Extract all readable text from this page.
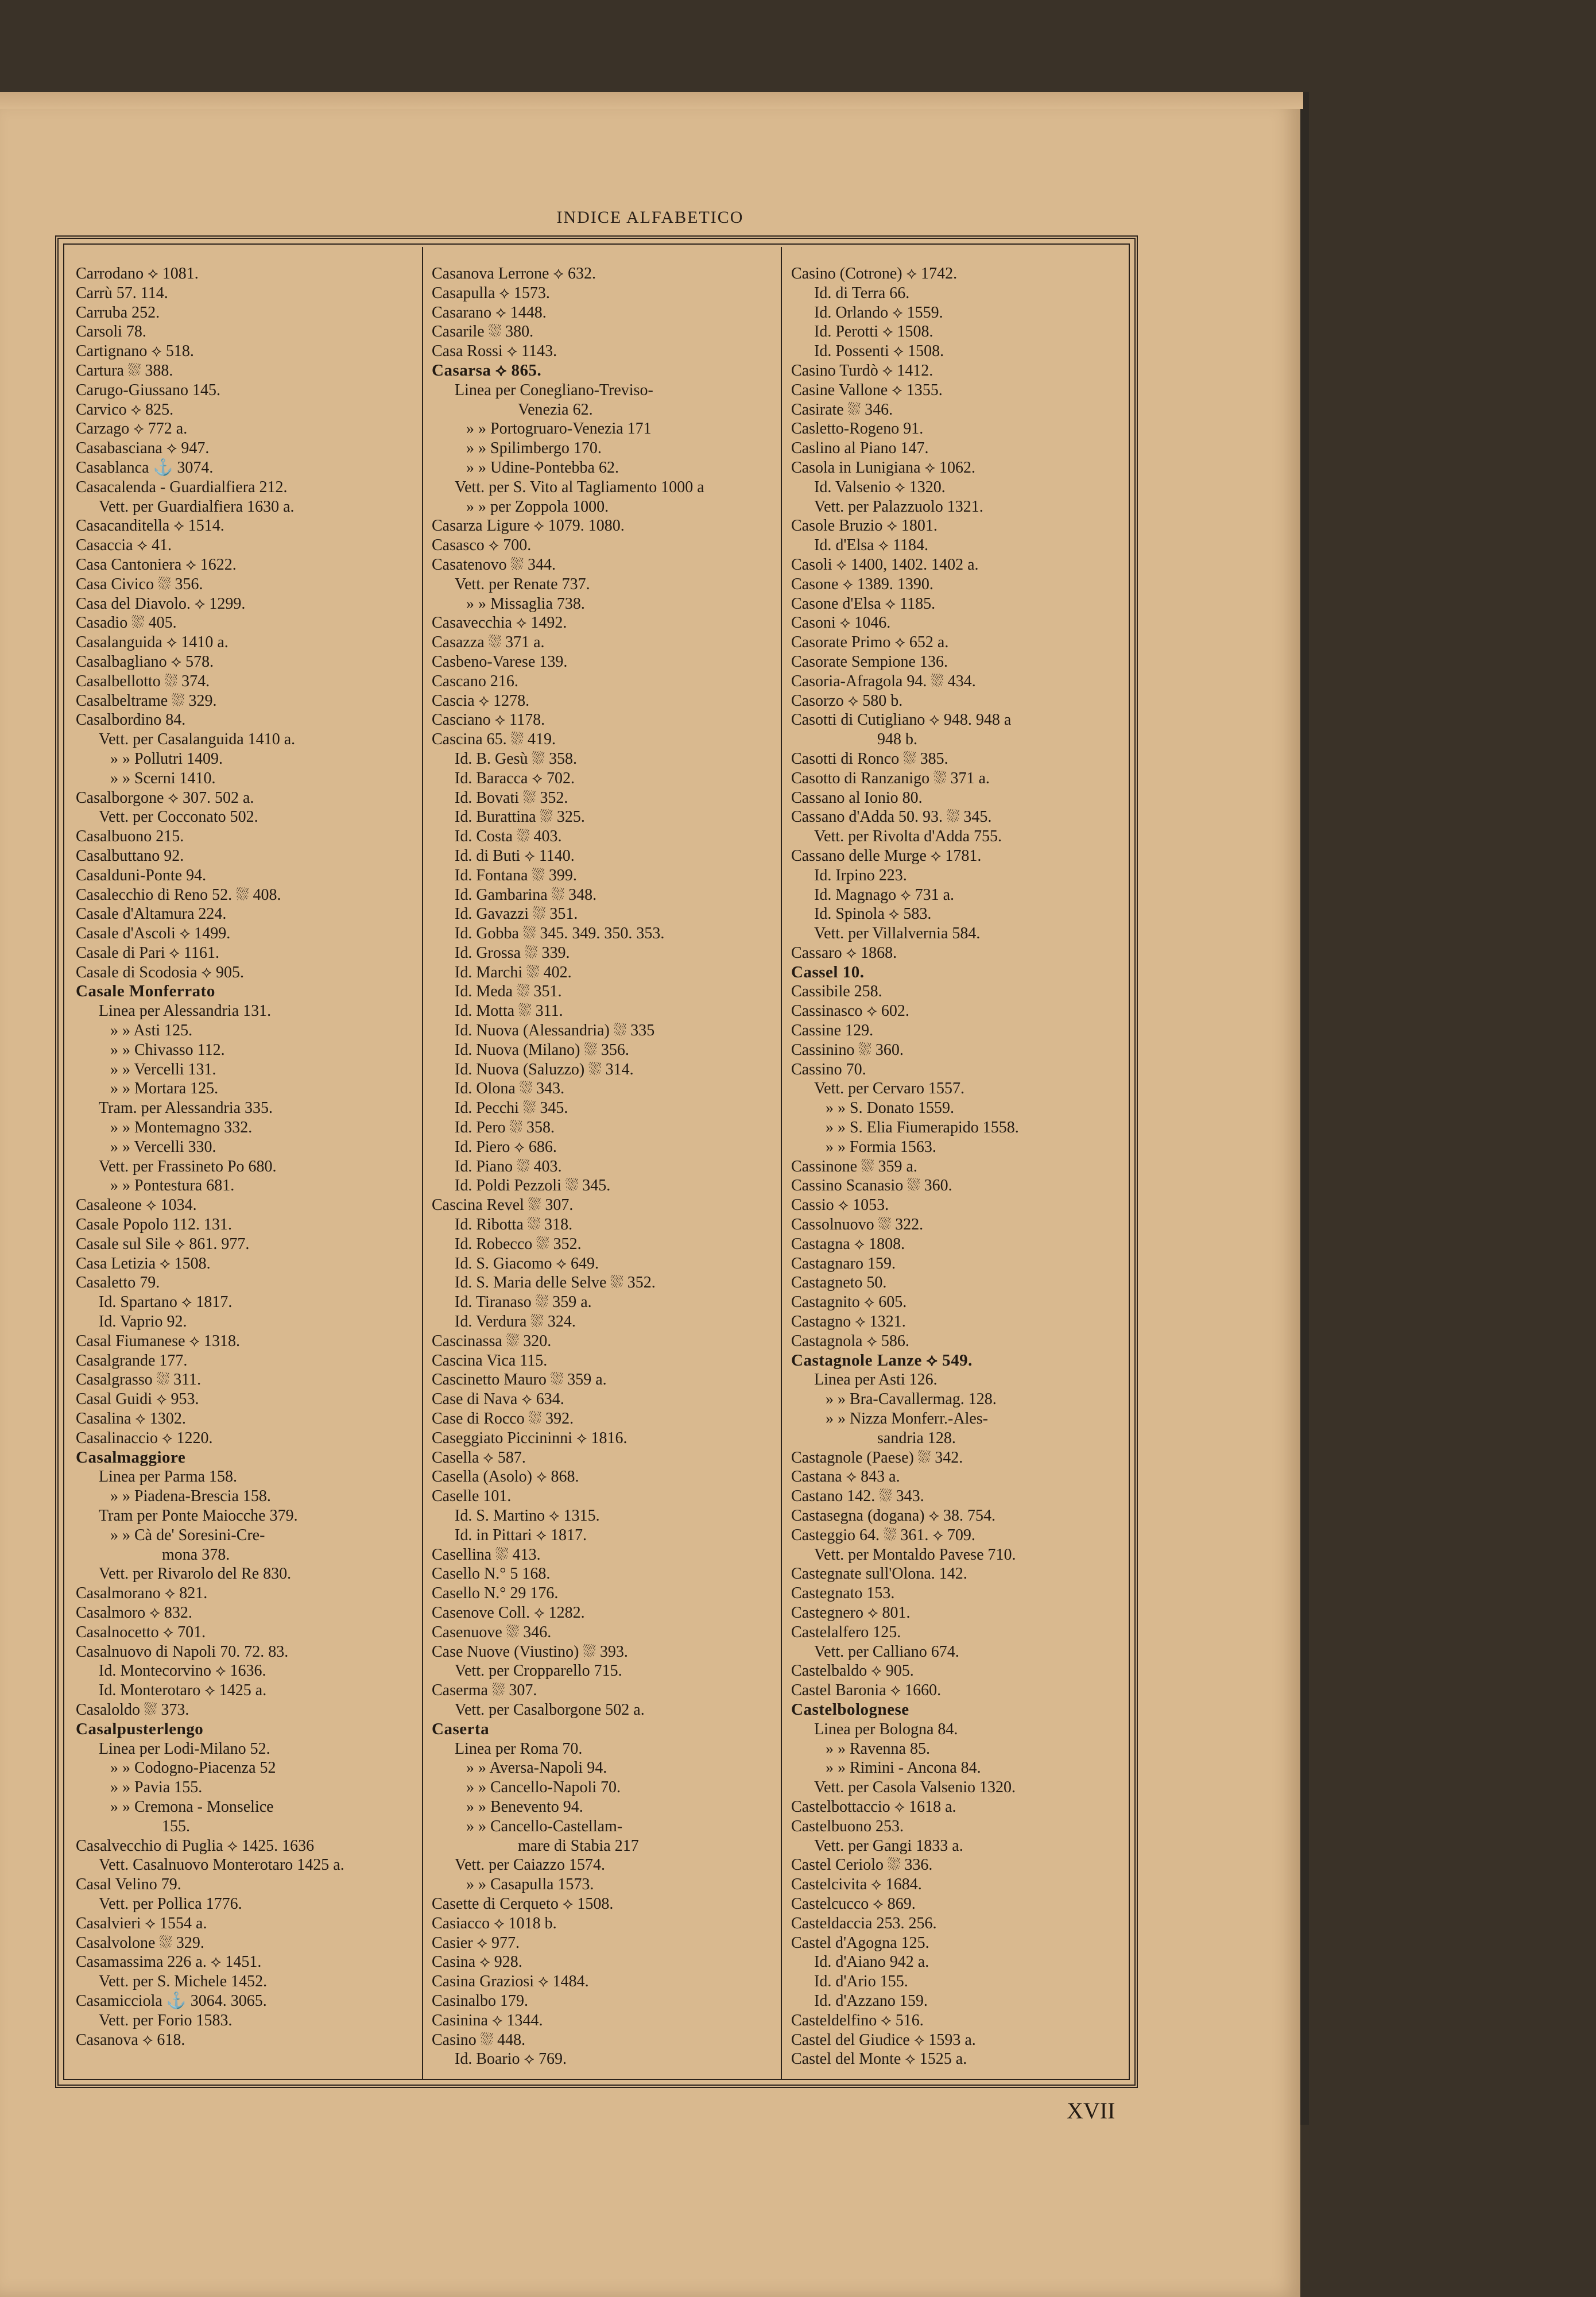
INDICE ALFABETICO
Carrodano ⟡ 1081.
Carrù 57. 114.
Carruba 252.
Carsoli 78.
Cartignano ⟡ 518.
Cartura ⛆ 388.
Carugo-Giussano 145.
Carvico ⟡ 825.
Carzago ⟡ 772 a.
Casabasciana ⟡ 947.
Casablanca ⚓ 3074.
Casacalenda - Guardialfiera 212.
Vett. per Guardialfiera 1630 a.
Casacanditella ⟡ 1514.
Casaccia ⟡ 41.
Casa Cantoniera ⟡ 1622.
Casa Civico ⛆ 356.
Casa del Diavolo. ⟡ 1299.
Casadio ⛆ 405.
Casalanguida ⟡ 1410 a.
Casalbagliano ⟡ 578.
Casalbellotto ⛆ 374.
Casalbeltrame ⛆ 329.
Casalbordino 84.
Vett. per Casalanguida 1410 a.
» » Pollutri 1409.
» » Scerni 1410.
Casalborgone ⟡ 307. 502 a.
Vett. per Cocconato 502.
Casalbuono 215.
Casalbuttano 92.
Casalduni-Ponte 94.
Casalecchio di Reno 52. ⛆ 408.
Casale d'Altamura 224.
Casale d'Ascoli ⟡ 1499.
Casale di Pari ⟡ 1161.
Casale di Scodosia ⟡ 905.
Casale Monferrato
Linea per Alessandria 131.
» » Asti 125.
» » Chivasso 112.
» » Vercelli 131.
» » Mortara 125.
Tram. per Alessandria 335.
» » Montemagno 332.
» » Vercelli 330.
Vett. per Frassineto Po 680.
» » Pontestura 681.
Casaleone ⟡ 1034.
Casale Popolo 112. 131.
Casale sul Sile ⟡ 861. 977.
Casa Letizia ⟡ 1508.
Casaletto 79.
Id. Spartano ⟡ 1817.
Id. Vaprio 92.
Casal Fiumanese ⟡ 1318.
Casalgrande 177.
Casalgrasso ⛆ 311.
Casal Guidi ⟡ 953.
Casalina ⟡ 1302.
Casalinaccio ⟡ 1220.
Casalmaggiore
Linea per Parma 158.
» » Piadena-Brescia 158.
Tram per Ponte Maiocche 379.
» » Cà de' Soresini-Cre-
mona 378.
Vett. per Rivarolo del Re 830.
Casalmorano ⟡ 821.
Casalmoro ⟡ 832.
Casalnocetto ⟡ 701.
Casalnuovo di Napoli 70. 72. 83.
Id. Montecorvino ⟡ 1636.
Id. Monterotaro ⟡ 1425 a.
Casaloldo ⛆ 373.
Casalpusterlengo
Linea per Lodi-Milano 52.
» » Codogno-Piacenza 52
» » Pavia 155.
» » Cremona - Monselice
155.
Casalvecchio di Puglia ⟡ 1425. 1636
Vett. Casalnuovo Monterotaro 1425 a.
Casal Velino 79.
Vett. per Pollica 1776.
Casalvieri ⟡ 1554 a.
Casalvolone ⛆ 329.
Casamassima 226 a. ⟡ 1451.
Vett. per S. Michele 1452.
Casamicciola ⚓ 3064. 3065.
Vett. per Forio 1583.
Casanova ⟡ 618.
Casanova Lerrone ⟡ 632.
Casapulla ⟡ 1573.
Casarano ⟡ 1448.
Casarile ⛆ 380.
Casa Rossi ⟡ 1143.
Casarsa ⟡ 865.
Linea per Conegliano-Treviso-
Venezia 62.
» » Portogruaro-Venezia 171
» » Spilimbergo 170.
» » Udine-Pontebba 62.
Vett. per S. Vito al Tagliamento 1000 a
» » per Zoppola 1000.
Casarza Ligure ⟡ 1079. 1080.
Casasco ⟡ 700.
Casatenovo ⛆ 344.
Vett. per Renate 737.
» » Missaglia 738.
Casavecchia ⟡ 1492.
Casazza ⛆ 371 a.
Casbeno-Varese 139.
Cascano 216.
Cascia ⟡ 1278.
Casciano ⟡ 1178.
Cascina 65. ⛆ 419.
Id. B. Gesù ⛆ 358.
Id. Baracca ⟡ 702.
Id. Bovati ⛆ 352.
Id. Burattina ⛆ 325.
Id. Costa ⛆ 403.
Id. di Buti ⟡ 1140.
Id. Fontana ⛆ 399.
Id. Gambarina ⛆ 348.
Id. Gavazzi ⛆ 351.
Id. Gobba ⛆ 345. 349. 350. 353.
Id. Grossa ⛆ 339.
Id. Marchi ⛆ 402.
Id. Meda ⛆ 351.
Id. Motta ⛆ 311.
Id. Nuova (Alessandria) ⛆ 335
Id. Nuova (Milano) ⛆ 356.
Id. Nuova (Saluzzo) ⛆ 314.
Id. Olona ⛆ 343.
Id. Pecchi ⛆ 345.
Id. Pero ⛆ 358.
Id. Piero ⟡ 686.
Id. Piano ⛆ 403.
Id. Poldi Pezzoli ⛆ 345.
Cascina Revel ⛆ 307.
Id. Ribotta ⛆ 318.
Id. Robecco ⛆ 352.
Id. S. Giacomo ⟡ 649.
Id. S. Maria delle Selve ⛆ 352.
Id. Tiranaso ⛆ 359 a.
Id. Verdura ⛆ 324.
Cascinassa ⛆ 320.
Cascina Vica 115.
Cascinetto Mauro ⛆ 359 a.
Case di Nava ⟡ 634.
Case di Rocco ⛆ 392.
Caseggiato Piccininni ⟡ 1816.
Casella ⟡ 587.
Casella (Asolo) ⟡ 868.
Caselle 101.
Id. S. Martino ⟡ 1315.
Id. in Pittari ⟡ 1817.
Casellina ⛆ 413.
Casello N.° 5 168.
Casello N.° 29 176.
Casenove Coll. ⟡ 1282.
Casenuove ⛆ 346.
Case Nuove (Viustino) ⛆ 393.
Vett. per Cropparello 715.
Caserma ⛆ 307.
Vett. per Casalborgone 502 a.
Caserta
Linea per Roma 70.
» » Aversa-Napoli 94.
» » Cancello-Napoli 70.
» » Benevento 94.
» » Cancello-Castellam-
mare di Stabia 217
Vett. per Caiazzo 1574.
» » Casapulla 1573.
Casette di Cerqueto ⟡ 1508.
Casiacco ⟡ 1018 b.
Casier ⟡ 977.
Casina ⟡ 928.
Casina Graziosi ⟡ 1484.
Casinalbo 179.
Casinina ⟡ 1344.
Casino ⛆ 448.
Id. Boario ⟡ 769.
Casino (Cotrone) ⟡ 1742.
Id. di Terra 66.
Id. Orlando ⟡ 1559.
Id. Perotti ⟡ 1508.
Id. Possenti ⟡ 1508.
Casino Turdò ⟡ 1412.
Casine Vallone ⟡ 1355.
Casirate ⛆ 346.
Casletto-Rogeno 91.
Caslino al Piano 147.
Casola in Lunigiana ⟡ 1062.
Id. Valsenio ⟡ 1320.
Vett. per Palazzuolo 1321.
Casole Bruzio ⟡ 1801.
Id. d'Elsa ⟡ 1184.
Casoli ⟡ 1400, 1402. 1402 a.
Casone ⟡ 1389. 1390.
Casone d'Elsa ⟡ 1185.
Casoni ⟡ 1046.
Casorate Primo ⟡ 652 a.
Casorate Sempione 136.
Casoria-Afragola 94. ⛆ 434.
Casorzo ⟡ 580 b.
Casotti di Cutigliano ⟡ 948. 948 a
948 b.
Casotti di Ronco ⛆ 385.
Casotto di Ranzanigo ⛆ 371 a.
Cassano al Ionio 80.
Cassano d'Adda 50. 93. ⛆ 345.
Vett. per Rivolta d'Adda 755.
Cassano delle Murge ⟡ 1781.
Id. Irpino 223.
Id. Magnago ⟡ 731 a.
Id. Spinola ⟡ 583.
Vett. per Villalvernia 584.
Cassaro ⟡ 1868.
Cassel 10.
Cassibile 258.
Cassinasco ⟡ 602.
Cassine 129.
Cassinino ⛆ 360.
Cassino 70.
Vett. per Cervaro 1557.
» » S. Donato 1559.
» » S. Elia Fiumerapido 1558.
» » Formia 1563.
Cassinone ⛆ 359 a.
Cassino Scanasio ⛆ 360.
Cassio ⟡ 1053.
Cassolnuovo ⛆ 322.
Castagna ⟡ 1808.
Castagnaro 159.
Castagneto 50.
Castagnito ⟡ 605.
Castagno ⟡ 1321.
Castagnola ⟡ 586.
Castagnole Lanze ⟡ 549.
Linea per Asti 126.
» » Bra-Cavallermag. 128.
» » Nizza Monferr.-Ales-
sandria 128.
Castagnole (Paese) ⛆ 342.
Castana ⟡ 843 a.
Castano 142. ⛆ 343.
Castasegna (dogana) ⟡ 38. 754.
Casteggio 64. ⛆ 361. ⟡ 709.
Vett. per Montaldo Pavese 710.
Castegnate sull'Olona. 142.
Castegnato 153.
Castegnero ⟡ 801.
Castelalfero 125.
Vett. per Calliano 674.
Castelbaldo ⟡ 905.
Castel Baronia ⟡ 1660.
Castelbolognese
Linea per Bologna 84.
» » Ravenna 85.
» » Rimini - Ancona 84.
Vett. per Casola Valsenio 1320.
Castelbottaccio ⟡ 1618 a.
Castelbuono 253.
Vett. per Gangi 1833 a.
Castel Ceriolo ⛆ 336.
Castelcivita ⟡ 1684.
Castelcucco ⟡ 869.
Casteldaccia 253. 256.
Castel d'Agogna 125.
Id. d'Aiano 942 a.
Id. d'Ario 155.
Id. d'Azzano 159.
Casteldelfino ⟡ 516.
Castel del Giudice ⟡ 1593 a.
Castel del Monte ⟡ 1525 a.
XVII
